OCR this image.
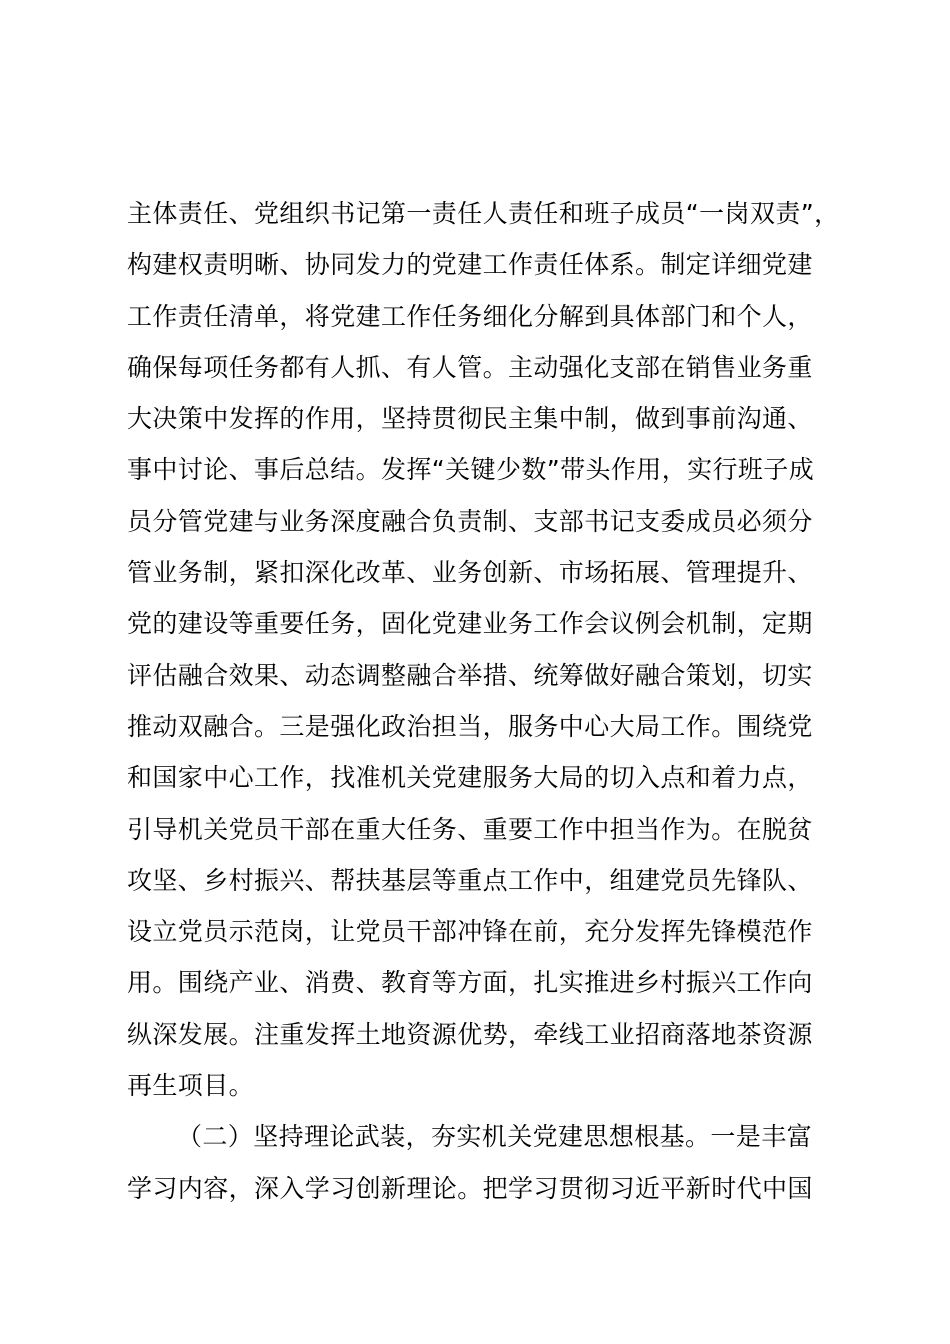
主体责任、党组织书记第一责任人责任和班子成员“一岗双责”，
构建权责明晰、协同发力的党建工作责任体系。制定详细党建
工作责任清单，将党建工作任务细化分解到具体部门和个人，
确保每项任务都有人抓、有人管。主动强化支部在销售业务重
大决策中发挥的作用，坚持贯彻民主集中制，做到事前沟通、
事中讨论、事后总结。发挥“关键少数”带头作用，实行班子成
员分管党建与业务深度融合负责制、支部书记支委成员必须分
管业务制，紧扣深化改革、业务创新、市场拓展、管理提升、
党的建设等重要任务，固化党建业务工作会议例会机制，定期
评估融合效果、动态调整融合举措、统筹做好融合策划，切实
推动双融合。三是强化政治担当，服务中心大局工作。围绕党
和国家中心工作，找准机关党建服务大局的切入点和着力点，
引导机关党员干部在重大任务、重要工作中担当作为。在脱贫
攻坚、乡村振兴、帮扶基层等重点工作中，组建党员先锋队、
设立党员示范岗，让党员干部冲锋在前，充分发挥先锋模范作
用。围绕产业、消费、教育等方面，扎实推进乡村振兴工作向
纵深发展。注重发挥土地资源优势，牵线工业招商落地茶资源
再生项目。
（二）坚持理论武装，夯实机关党建思想根基。一是丰富
学习内容，深入学习创新理论。把学习贯彻习近平新时代中国
